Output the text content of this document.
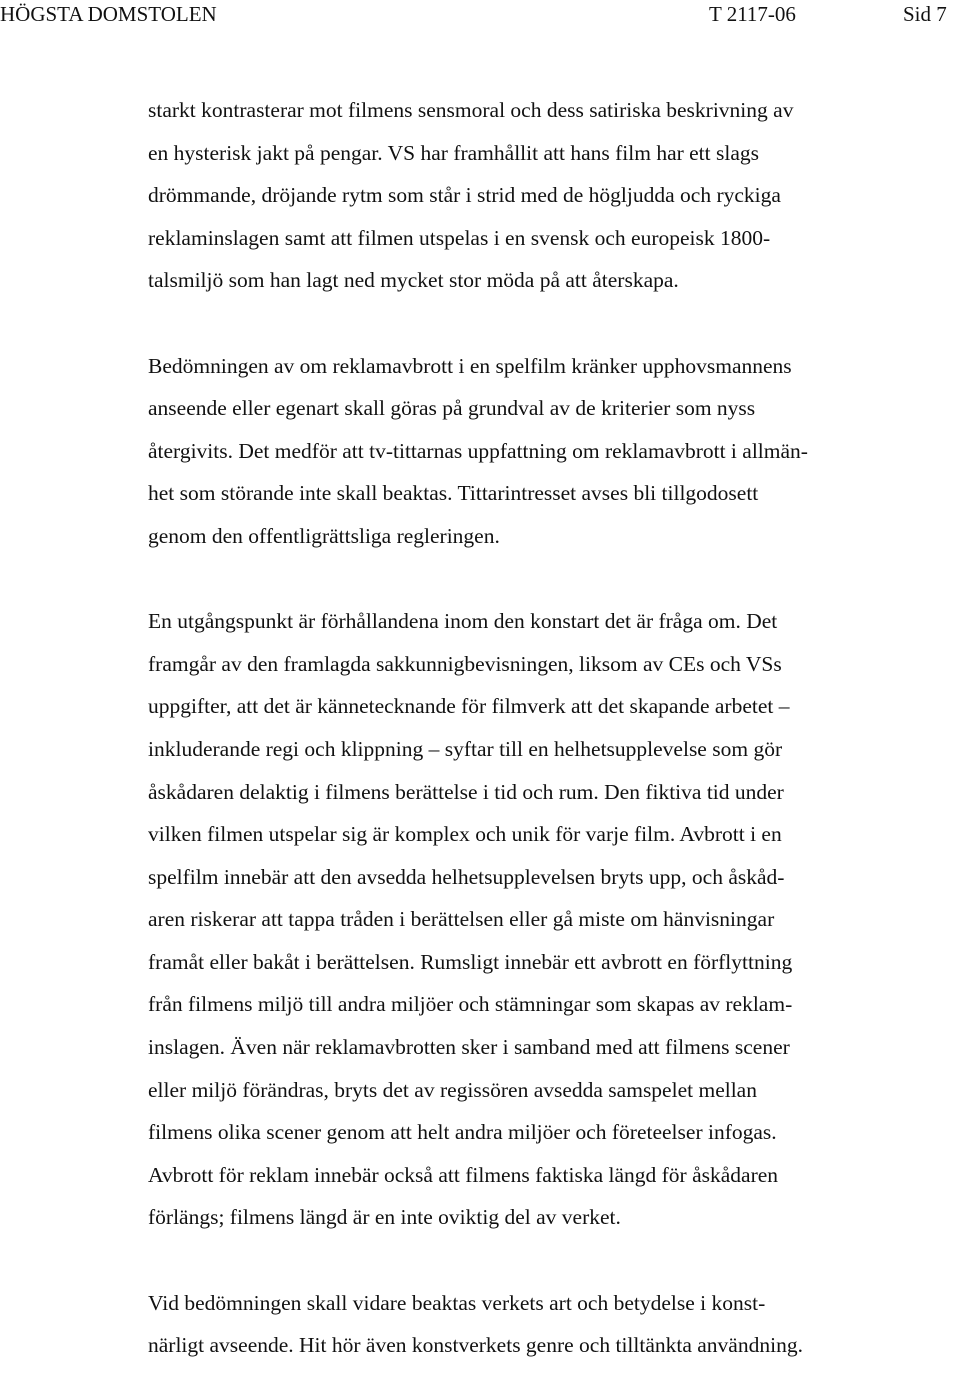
HÖGSTA DOMSTOLEN	T 2117-06	Sid 7

starkt kontrasterar mot filmens sensmoral och dess satiriska beskrivning av
en hysterisk jakt på pengar. VS har framhållit att hans film har ett slags
drömmande, dröjande rytm som står i strid med de högljudda och ryckiga
reklaminslagen samt att filmen utspelas i en svensk och europeisk 1800-
talsmiljö som han lagt ned mycket stor möda på att återskapa.

Bedömningen av om reklamavbrott i en spelfilm kränker upphovsmannens
anseende eller egenart skall göras på grundval av de kriterier som nyss
återgivits. Det medför att tv-tittarnas uppfattning om reklamavbrott i allmän-
het som störande inte skall beaktas. Tittarintresset avses bli tillgodosett
genom den offentligrättsliga regleringen.

En utgångspunkt är förhållandena inom den konstart det är fråga om. Det
framgår av den framlagda sakkunnigbevisningen, liksom av CEs och VSs
uppgifter, att det är kännetecknande för filmverk att det skapande arbetet –
inkluderande regi och klippning – syftar till en helhetsupplevelse som gör
åskådaren delaktig i filmens berättelse i tid och rum. Den fiktiva tid under
vilken filmen utspelar sig är komplex och unik för varje film. Avbrott i en
spelfilm innebär att den avsedda helhetsupplevelsen bryts upp, och åskåd-
aren riskerar att tappa tråden i berättelsen eller gå miste om hänvisningar
framåt eller bakåt i berättelsen. Rumsligt innebär ett avbrott en förflyttning
från filmens miljö till andra miljöer och stämningar som skapas av reklam-
inslagen. Även när reklamavbrotten sker i samband med att filmens scener
eller miljö förändras, bryts det av regissören avsedda samspelet mellan
filmens olika scener genom att helt andra miljöer och företeelser infogas.
Avbrott för reklam innebär också att filmens faktiska längd för åskådaren
förlängs; filmens längd är en inte oviktig del av verket.

Vid bedömningen skall vidare beaktas verkets art och betydelse i konst-
närligt avseende. Hit hör även konstverkets genre och tilltänkta användning.
